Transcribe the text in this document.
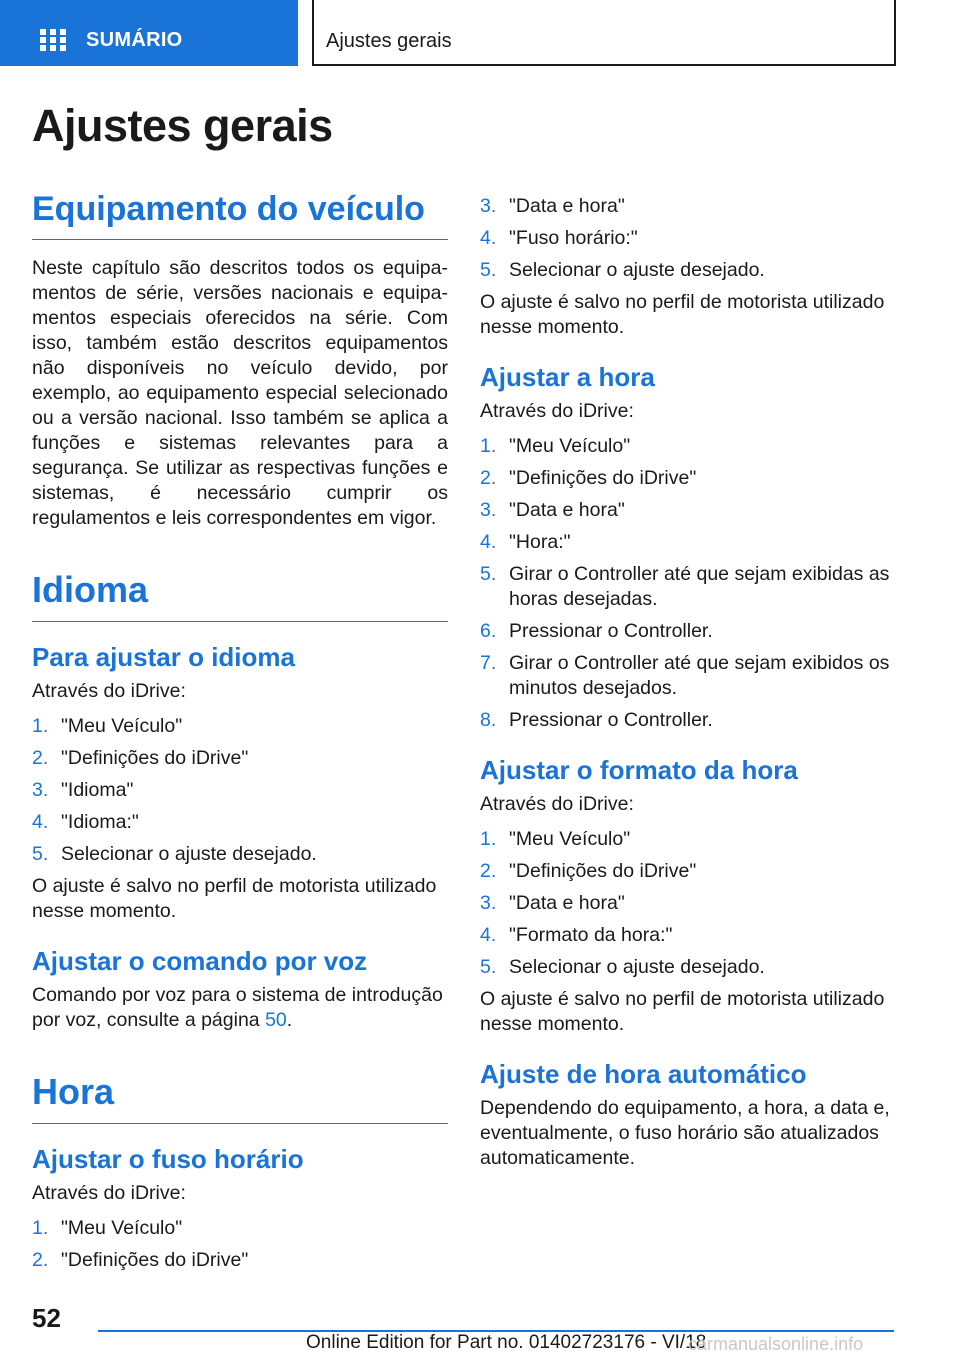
SUMÁRIO	Ajustes gerais
Ajustes gerais
Equipamento do veículo

Neste capítulo são descritos todos os equipamentos de série, versões nacionais e equipamentos especiais oferecidos na série. Com isso, também estão descritos equipamentos não disponíveis no veículo devido, por exemplo, ao equipamento especial selecionado ou a versão nacional. Isso também se aplica a funções e sistemas relevantes para a segurança. Se utilizar as respectivas funções e sistemas, é necessário cumprir os regulamentos e leis correspondentes em vigor.

Idioma
Para ajustar o idioma

Através do iDrive:

1. "Meu Veículo"
2. "Definições do iDrive"
3. "Idioma"
4. "Idioma:"
5. Selecionar o ajuste desejado.

O ajuste é salvo no perfil de motorista utilizado nesse momento.

Ajustar o comando por voz

Comando por voz para o sistema de introdução por voz, consulte a página 50.

Hora
Ajustar o fuso horário

Através do iDrive:

1. "Meu Veículo"
2. "Definições do iDrive"
3. "Data e hora"
4. "Fuso horário:"
5. Selecionar o ajuste desejado.

O ajuste é salvo no perfil de motorista utilizado nesse momento.

Ajustar a hora

Através do iDrive:

1. "Meu Veículo"
2. "Definições do iDrive"
3. "Data e hora"
4. "Hora:"
5. Girar o Controller até que sejam exibidas as horas desejadas.
6. Pressionar o Controller.
7. Girar o Controller até que sejam exibidos os minutos desejados.
8. Pressionar o Controller.
Ajustar o formato da hora

Através do iDrive:

1. "Meu Veículo"
2. "Definições do iDrive"
3. "Data e hora"
4. "Formato da hora:"
5. Selecionar o ajuste desejado.

O ajuste é salvo no perfil de motorista utilizado nesse momento.

Ajuste de hora automático

Dependendo do equipamento, a hora, a data e, eventualmente, o fuso horário são atualizados automaticamente.

52
Online Edition for Part no. 01402723176 - VI/18
carmanualsonline.info
